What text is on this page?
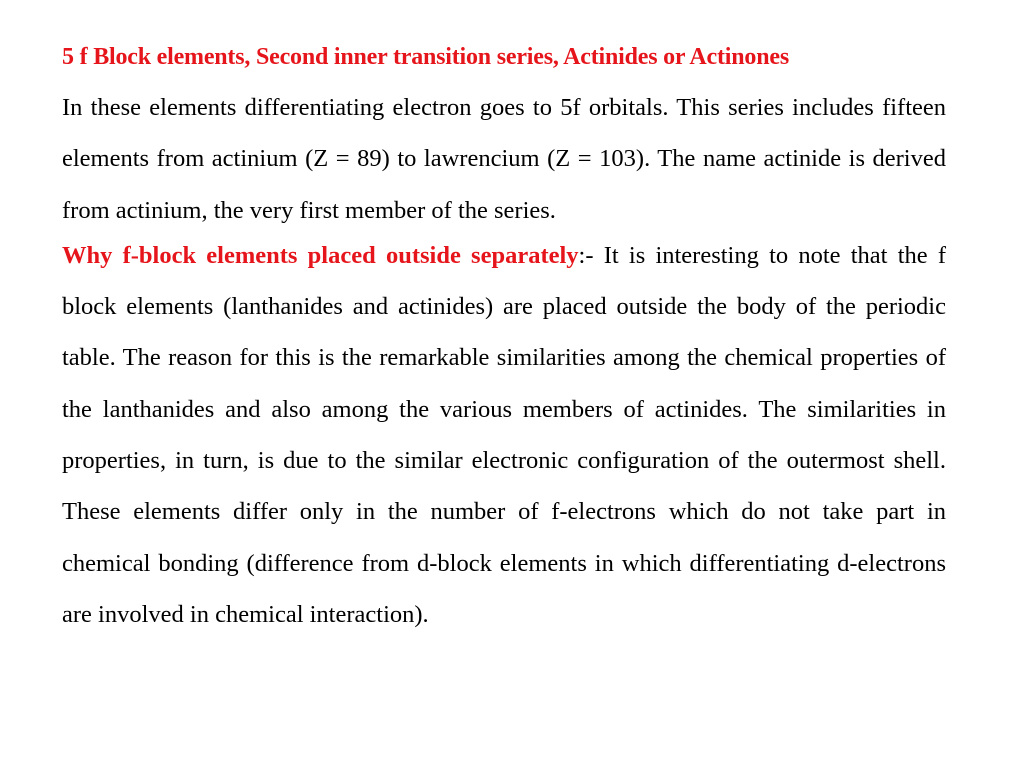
5 f Block elements, Second inner transition series, Actinides or Actinones

In these elements differentiating electron goes to 5f orbitals. This series includes fifteen elements from actinium (Z = 89) to lawrencium (Z = 103). The name actinide is derived from actinium, the very first member of the series.

Why f-block elements placed outside separately:- It is interesting to note that the f block elements (lanthanides and actinides) are placed outside the body of the periodic table. The reason for this is the remarkable similarities among the chemical properties of the lanthanides and also among the various members of actinides. The similarities in properties, in turn, is due to the similar electronic configuration of the outermost shell. These elements differ only in the number of f-electrons which do not take part in chemical bonding (difference from d-block elements in which differentiating d-electrons are involved in chemical interaction).
